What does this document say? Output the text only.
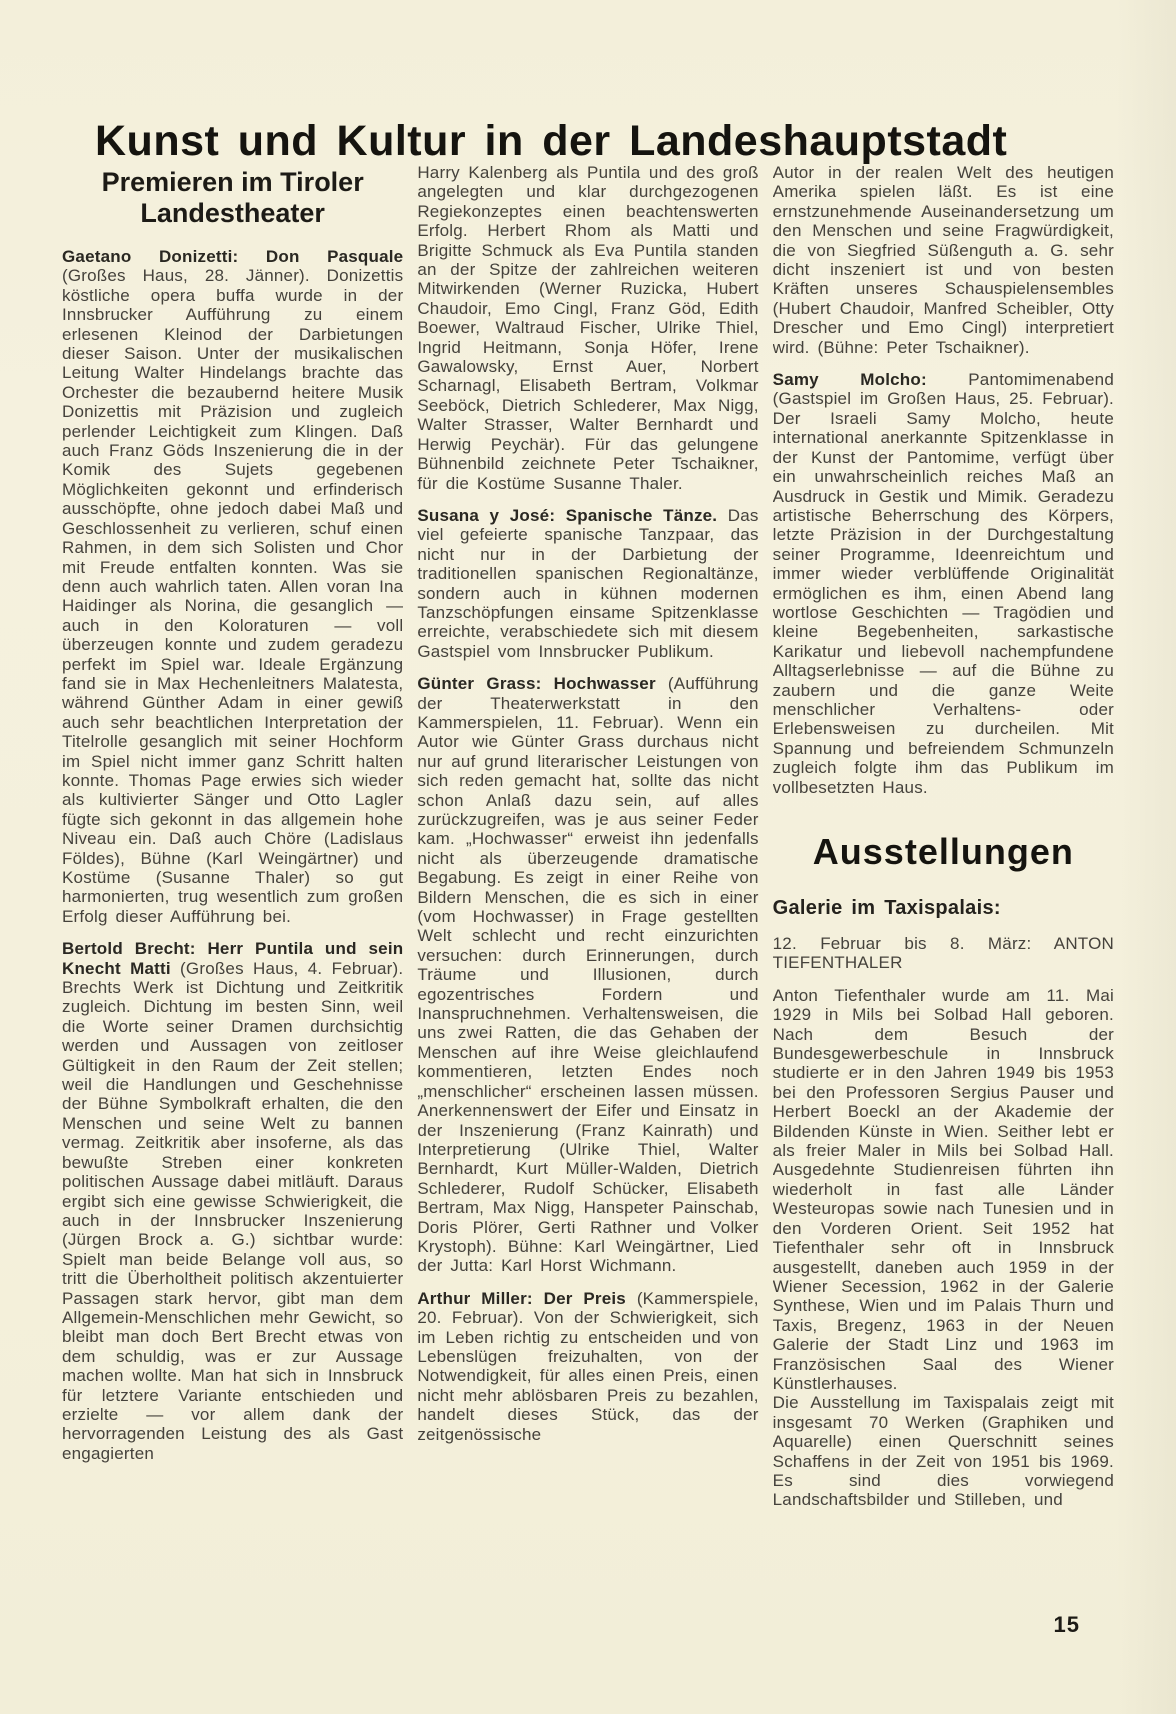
Kunst und Kultur in der Landeshauptstadt
Premieren im Tiroler Landestheater

Gaetano Donizetti: Don Pasquale (Großes Haus, 28. Jänner). Donizettis köstliche opera buffa wurde in der Innsbrucker Aufführung zu einem erlesenen Kleinod der Darbietungen dieser Saison. Unter der musikalischen Leitung Walter Hindelangs brachte das Orchester die bezaubernd heitere Musik Donizettis mit Präzision und zugleich perlender Leichtigkeit zum Klingen. Daß auch Franz Göds Inszenierung die in der Komik des Sujets gegebenen Möglichkeiten gekonnt und erfinderisch ausschöpfte, ohne jedoch dabei Maß und Geschlossenheit zu verlieren, schuf einen Rahmen, in dem sich Solisten und Chor mit Freude entfalten konnten. Was sie denn auch wahrlich taten. Allen voran Ina Haidinger als Norina, die gesanglich — auch in den Koloraturen — voll überzeugen konnte und zudem geradezu perfekt im Spiel war. Ideale Ergänzung fand sie in Max Hechenleitners Malatesta, während Günther Adam in einer gewiß auch sehr beachtlichen Interpretation der Titelrolle gesanglich mit seiner Hochform im Spiel nicht immer ganz Schritt halten konnte. Thomas Page erwies sich wieder als kultivierter Sänger und Otto Lagler fügte sich gekonnt in das allgemein hohe Niveau ein. Daß auch Chöre (Ladislaus Földes), Bühne (Karl Weingärtner) und Kostüme (Susanne Thaler) so gut harmonierten, trug wesentlich zum großen Erfolg dieser Aufführung bei.

Bertold Brecht: Herr Puntila und sein Knecht Matti (Großes Haus, 4. Februar). Brechts Werk ist Dichtung und Zeitkritik zugleich. Dichtung im besten Sinn, weil die Worte seiner Dramen durchsichtig werden und Aussagen von zeitloser Gültigkeit in den Raum der Zeit stellen; weil die Handlungen und Geschehnisse der Bühne Symbolkraft erhalten, die den Menschen und seine Welt zu bannen vermag. Zeitkritik aber insoferne, als das bewußte Streben einer konkreten politischen Aussage dabei mitläuft. Daraus ergibt sich eine gewisse Schwierigkeit, die auch in der Innsbrucker Inszenierung (Jürgen Brock a. G.) sichtbar wurde: Spielt man beide Belange voll aus, so tritt die Überholtheit politisch akzentuierter Passagen stark hervor, gibt man dem Allgemein-Menschlichen mehr Gewicht, so bleibt man doch Bert Brecht etwas von dem schuldig, was er zur Aussage machen wollte. Man hat sich in Innsbruck für letztere Variante entschieden und erzielte — vor allem dank der hervorragenden Leistung des als Gast engagierten

Harry Kalenberg als Puntila und des groß angelegten und klar durchgezogenen Regiekonzeptes einen beachtenswerten Erfolg. Herbert Rhom als Matti und Brigitte Schmuck als Eva Puntila standen an der Spitze der zahlreichen weiteren Mitwirkenden (Werner Ruzicka, Hubert Chaudoir, Emo Cingl, Franz Göd, Edith Boewer, Waltraud Fischer, Ulrike Thiel, Ingrid Heitmann, Sonja Höfer, Irene Gawalowsky, Ernst Auer, Norbert Scharnagl, Elisabeth Bertram, Volkmar Seeböck, Dietrich Schlederer, Max Nigg, Walter Strasser, Walter Bernhardt und Herwig Peychär). Für das gelungene Bühnenbild zeichnete Peter Tschaikner, für die Kostüme Susanne Thaler.

Susana y José: Spanische Tänze. Das viel gefeierte spanische Tanzpaar, das nicht nur in der Darbietung der traditionellen spanischen Regionaltänze, sondern auch in kühnen modernen Tanzschöpfungen einsame Spitzenklasse erreichte, verabschiedete sich mit diesem Gastspiel vom Innsbrucker Publikum.

Günter Grass: Hochwasser (Aufführung der Theaterwerkstatt in den Kammerspielen, 11. Februar). Wenn ein Autor wie Günter Grass durchaus nicht nur auf grund literarischer Leistungen von sich reden gemacht hat, sollte das nicht schon Anlaß dazu sein, auf alles zurückzugreifen, was je aus seiner Feder kam. „Hochwasser“ erweist ihn jedenfalls nicht als überzeugende dramatische Begabung. Es zeigt in einer Reihe von Bildern Menschen, die es sich in einer (vom Hochwasser) in Frage gestellten Welt schlecht und recht einzurichten versuchen: durch Erinnerungen, durch Träume und Illusionen, durch egozentrisches Fordern und Inanspruchnehmen. Verhaltensweisen, die uns zwei Ratten, die das Gehaben der Menschen auf ihre Weise gleichlaufend kommentieren, letzten Endes noch „menschlicher“ erscheinen lassen müssen. Anerkennenswert der Eifer und Einsatz in der Inszenierung (Franz Kainrath) und Interpretierung (Ulrike Thiel, Walter Bernhardt, Kurt Müller-Walden, Dietrich Schlederer, Rudolf Schücker, Elisabeth Bertram, Max Nigg, Hanspeter Painschab, Doris Plörer, Gerti Rathner und Volker Krystoph). Bühne: Karl Weingärtner, Lied der Jutta: Karl Horst Wichmann.

Arthur Miller: Der Preis (Kammerspiele, 20. Februar). Von der Schwierigkeit, sich im Leben richtig zu entscheiden und von Lebenslügen freizuhalten, von der Notwendigkeit, für alles einen Preis, einen nicht mehr ablösbaren Preis zu bezahlen, handelt dieses Stück, das der zeitgenössische

Autor in der realen Welt des heutigen Amerika spielen läßt. Es ist eine ernstzunehmende Auseinandersetzung um den Menschen und seine Fragwürdigkeit, die von Siegfried Süßenguth a. G. sehr dicht inszeniert ist und von besten Kräften unseres Schauspielensembles (Hubert Chaudoir, Manfred Scheibler, Otty Drescher und Emo Cingl) interpretiert wird. (Bühne: Peter Tschaikner).

Samy Molcho: Pantomimenabend (Gastspiel im Großen Haus, 25. Februar). Der Israeli Samy Molcho, heute international anerkannte Spitzenklasse in der Kunst der Pantomime, verfügt über ein unwahrscheinlich reiches Maß an Ausdruck in Gestik und Mimik. Geradezu artistische Beherrschung des Körpers, letzte Präzision in der Durchgestaltung seiner Programme, Ideenreichtum und immer wieder verblüffende Originalität ermöglichen es ihm, einen Abend lang wortlose Geschichten — Tragödien und kleine Begebenheiten, sarkastische Karikatur und liebevoll nachempfundene Alltagserlebnisse — auf die Bühne zu zaubern und die ganze Weite menschlicher Verhaltens- oder Erlebensweisen zu durcheilen. Mit Spannung und befreiendem Schmunzeln zugleich folgte ihm das Publikum im vollbesetzten Haus.

Ausstellungen
Galerie im Taxispalais:

12. Februar bis 8. März: ANTON TIEFENTHALER

Anton Tiefenthaler wurde am 11. Mai 1929 in Mils bei Solbad Hall geboren. Nach dem Besuch der Bundesgewerbeschule in Innsbruck studierte er in den Jahren 1949 bis 1953 bei den Professoren Sergius Pauser und Herbert Boeckl an der Akademie der Bildenden Künste in Wien. Seither lebt er als freier Maler in Mils bei Solbad Hall. Ausgedehnte Studienreisen führten ihn wiederholt in fast alle Länder Westeuropas sowie nach Tunesien und in den Vorderen Orient. Seit 1952 hat Tiefenthaler sehr oft in Innsbruck ausgestellt, daneben auch 1959 in der Wiener Secession, 1962 in der Galerie Synthese, Wien und im Palais Thurn und Taxis, Bregenz, 1963 in der Neuen Galerie der Stadt Linz und 1963 im Französischen Saal des Wiener Künstlerhauses.

Die Ausstellung im Taxispalais zeigt mit insgesamt 70 Werken (Graphiken und Aquarelle) einen Querschnitt seines Schaffens in der Zeit von 1951 bis 1969. Es sind dies vorwiegend Landschaftsbilder und Stilleben, und

15
